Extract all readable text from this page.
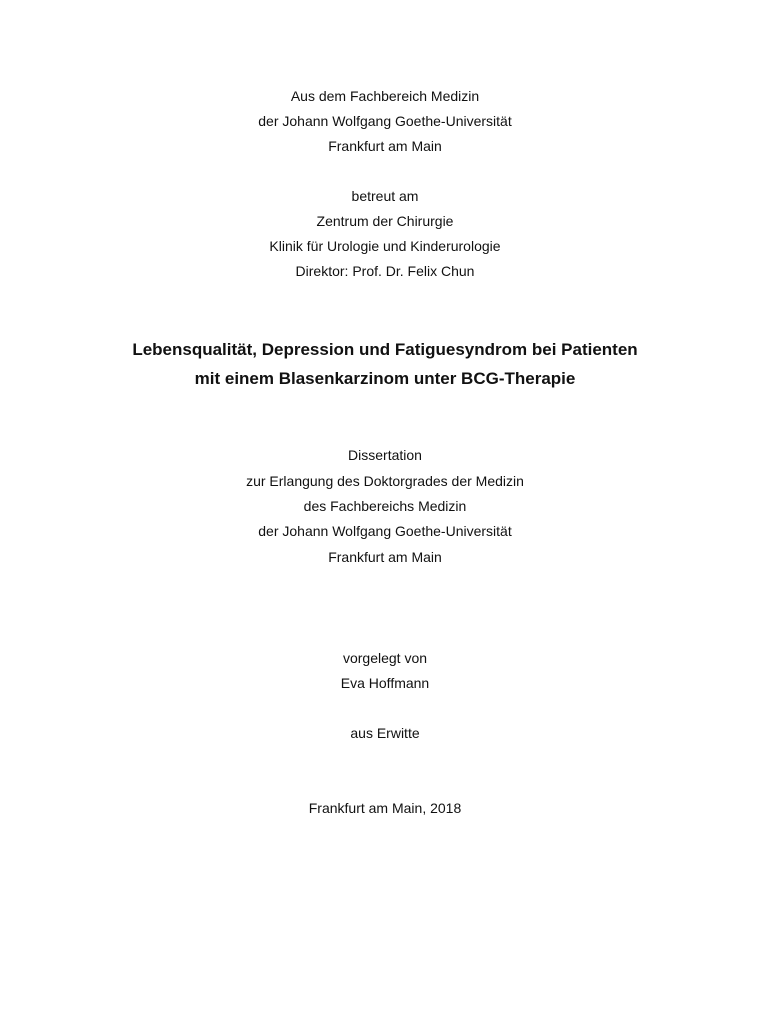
Aus dem Fachbereich Medizin
der Johann Wolfgang Goethe-Universität
Frankfurt am Main
betreut am
Zentrum der Chirurgie
Klinik für Urologie und Kinderurologie
Direktor: Prof. Dr. Felix Chun
Lebensqualität, Depression und Fatiguesyndrom bei Patienten
mit einem Blasenkarzinom unter BCG-Therapie
Dissertation
zur Erlangung des Doktorgrades der Medizin
des Fachbereichs Medizin
der Johann Wolfgang Goethe-Universität
Frankfurt am Main
vorgelegt von
Eva Hoffmann
aus Erwitte
Frankfurt am Main, 2018
